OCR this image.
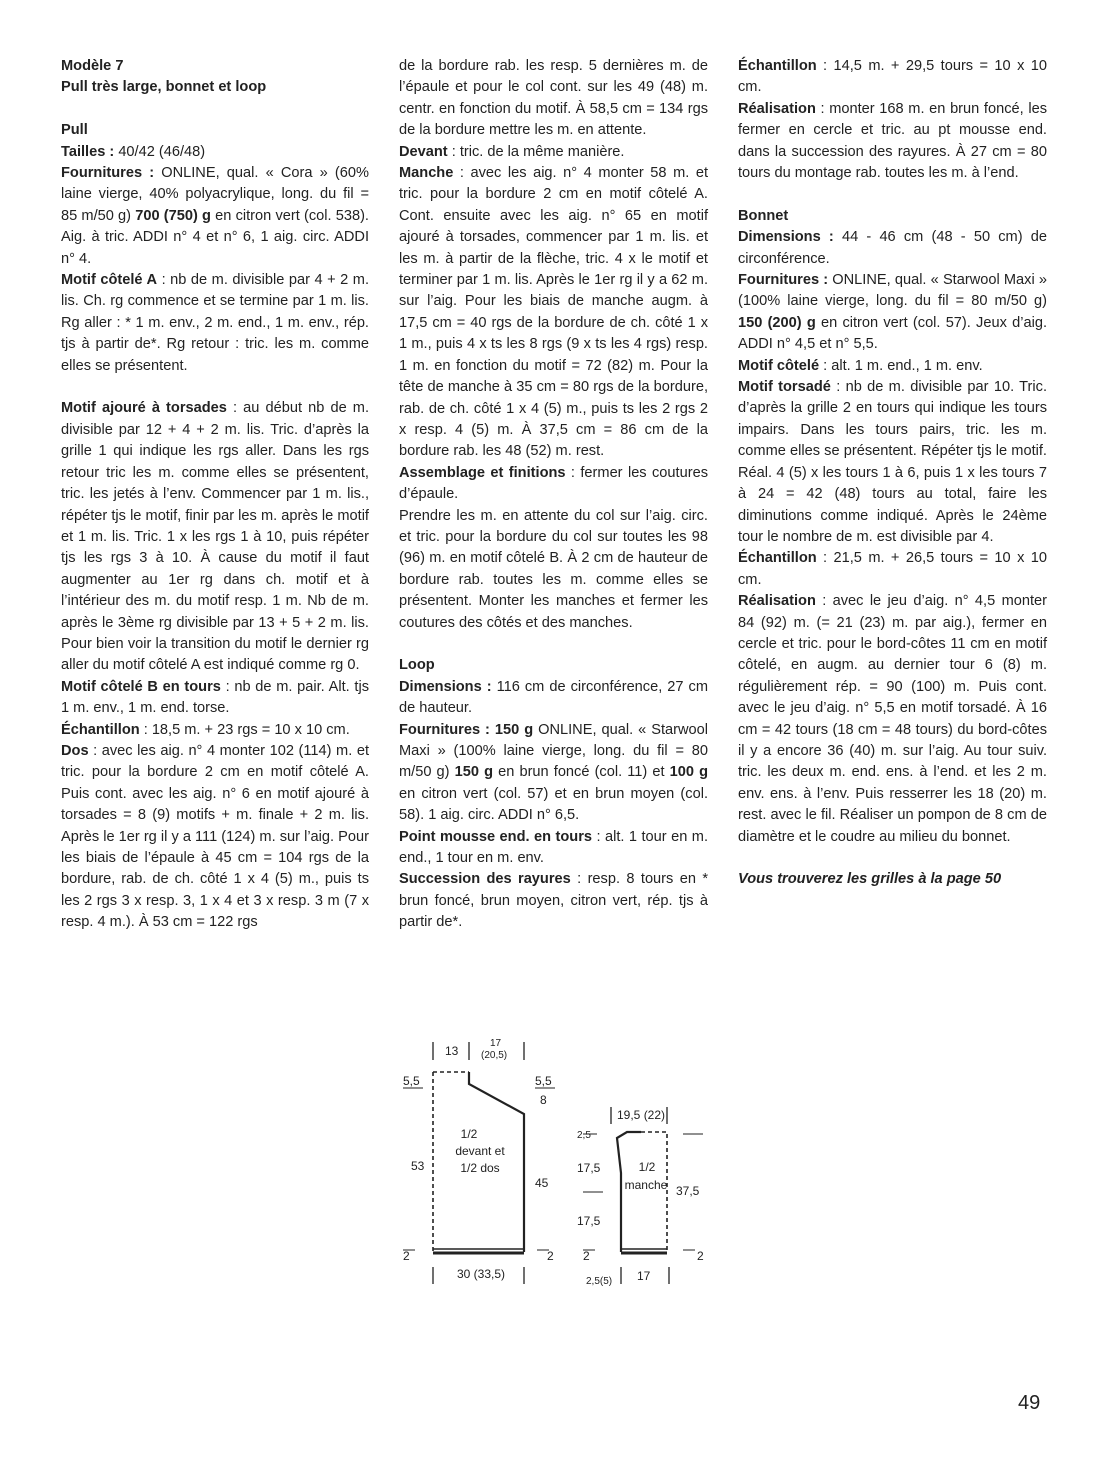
Modèle 7

Pull très large, bonnet et loop

Pull

Tailles : 40/42 (46/48)

Fournitures : ONLINE, qual. « Cora » (60% laine vierge, 40% polyacrylique, long. du fil = 85 m/50 g) 700 (750) g en citron vert (col. 538). Aig. à tric. ADDI n° 4 et n° 6, 1 aig. circ. ADDI n° 4.

Motif côtelé A : nb de m. divisible par 4 + 2 m. lis. Ch. rg commence et se termine par 1 m. lis. Rg aller : * 1 m. env., 2 m. end., 1 m. env., rép. tjs à partir de*. Rg retour : tric. les m. comme elles se présentent.

Motif ajouré à torsades : au début nb de m. divisible par 12 + 4 + 2 m. lis. Tric. d’après la grille 1 qui indique les rgs aller. Dans les rgs retour tric les m. comme elles se présentent, tric. les jetés à l’env. Commencer par 1 m. lis., répéter tjs le motif, finir par les m. après le motif et 1 m. lis. Tric. 1 x les rgs 1 à 10, puis répéter tjs les rgs 3 à 10. À cause du motif il faut augmenter au 1er rg dans ch. motif et à l’intérieur des m. du motif resp. 1 m. Nb de m. après le 3ème rg divisible par 13 + 5 + 2 m. lis. Pour bien voir la transition du motif le dernier rg aller du motif côtelé A est indiqué comme rg 0.

Motif côtelé B en tours : nb de m. pair. Alt. tjs 1 m. env., 1 m. end. torse.

Échantillon : 18,5 m. + 23 rgs = 10 x 10 cm.

Dos : avec les aig. n° 4 monter 102 (114) m. et tric. pour la bordure 2 cm en motif côtelé A. Puis cont. avec les aig. n° 6 en motif ajouré à torsades = 8 (9) motifs + m. finale + 2 m. lis. Après le 1er rg il y a 111 (124) m. sur l’aig. Pour les biais de l’épaule à 45 cm = 104 rgs de la bordure, rab. de ch. côté 1 x 4 (5) m., puis ts les 2 rgs 3 x resp. 3, 1 x 4 et 3 x resp. 3 m (7 x resp. 4 m.). À 53 cm = 122 rgs

de la bordure rab. les resp. 5 dernières m. de l’épaule et pour le col cont. sur les 49 (48) m. centr. en fonction du motif. À 58,5 cm = 134 rgs de la bordure mettre les m. en attente.

Devant : tric. de la même manière.

Manche : avec les aig. n° 4 monter 58 m. et tric. pour la bordure 2 cm en motif côtelé A. Cont. ensuite avec les aig. n° 65 en motif ajouré à torsades, commencer par 1 m. lis. et les m. à partir de la flèche, tric. 4 x le motif et terminer par 1 m. lis. Après le 1er rg il y a 62 m. sur l’aig. Pour les biais de manche augm. à 17,5 cm = 40 rgs de la bordure de ch. côté 1 x 1 m., puis 4 x ts les 8 rgs (9 x ts les 4 rgs) resp. 1 m. en fonction du motif = 72 (82) m. Pour la tête de manche à 35 cm = 80 rgs de la bordure, rab. de ch. côté 1 x 4 (5) m., puis ts les 2 rgs 2 x resp. 4 (5) m. À 37,5 cm = 86 cm de la bordure rab. les 48 (52) m. rest.

Assemblage et finitions : fermer les coutures d’épaule.

Prendre les m. en attente du col sur l’aig. circ. et tric. pour la bordure du col sur toutes les 98 (96) m. en motif côtelé B. À 2 cm de hauteur de bordure rab. toutes les m. comme elles se présentent. Monter les manches et fermer les coutures des côtés et des manches.

Loop

Dimensions : 116 cm de circonférence, 27 cm de hauteur.

Fournitures : 150 g ONLINE, qual. « Starwool Maxi » (100% laine vierge, long. du fil = 80 m/50 g) 150 g en brun foncé (col. 11) et 100 g en citron vert (col. 57) et en brun moyen (col. 58). 1 aig. circ. ADDI n° 6,5.

Point mousse end. en tours : alt. 1 tour en m. end., 1 tour en m. env.

Succession des rayures : resp. 8 tours en * brun foncé, brun moyen, citron vert, rép. tjs à partir de*.

Échantillon : 14,5 m. + 29,5 tours = 10 x 10 cm.

Réalisation : monter 168 m. en brun foncé, les fermer en cercle et tric. au pt mousse end. dans la succession des rayures. À 27 cm = 80 tours du montage rab. toutes les m. à l’end.

Bonnet

Dimensions : 44 - 46 cm (48 - 50 cm) de circonférence.

Fournitures : ONLINE, qual. « Starwool Maxi » (100% laine vierge, long. du fil = 80 m/50 g) 150 (200) g en citron vert (col. 57). Jeux d’aig. ADDI n° 4,5 et n° 5,5.

Motif côtelé : alt. 1 m. end., 1 m. env.

Motif torsadé : nb de m. divisible par 10. Tric. d’après la grille 2 en tours qui indique les tours impairs. Dans les tours pairs, tric. les m. comme elles se présentent. Répéter tjs le motif. Réal. 4 (5) x les tours 1 à 6, puis 1 x les tours 7 à 24 = 42 (48) tours au total, faire les diminutions comme indiqué. Après le 24ème tour le nombre de m. est divisible par 4.

Échantillon : 21,5 m. + 26,5 tours = 10 x 10 cm.

Réalisation : avec le jeu d’aig. n° 4,5 monter 84 (92) m. (= 21 (23) m. par aig.), fermer en cercle et tric. pour le bord-côtes 11 cm en motif côtelé, en augm. au dernier tour 6 (8) m. régulièrement rép. = 90 (100) m. Puis cont. avec le jeu d’aig. n° 5,5 en motif torsadé. À 16 cm = 42 tours (18 cm = 48 tours) du bord-côtes il y a encore 36 (40) m. sur l’aig. Au tour suiv. tric. les deux m. end. ens. à l’end. et les 2 m. env. ens. à l’env. Puis resserrer les 18 (20) m. rest. avec le fil. Réaliser un pompon de 8 cm de diamètre et le coudre au milieu du bonnet.

Vous trouverez les grilles à la page 50

13
17
(20,5)
5,5	5,5
8
53
45
2	2
30 (33,5)
1/2
devant et
1/2 dos
19,5 (22)
2,5
17,5
17,5
37,5
2	2
2,5(5) 17
1/2
manche
49
